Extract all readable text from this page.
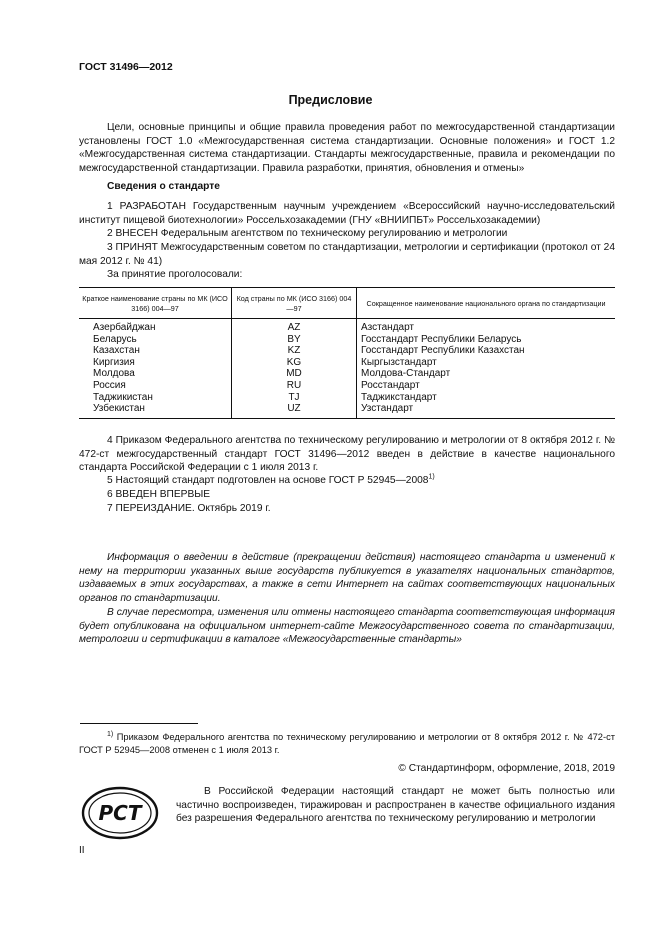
ГОСТ 31496—2012
Предисловие
Цели, основные принципы и общие правила проведения работ по межгосударственной стандартизации установлены ГОСТ 1.0 «Межгосударственная система стандартизации. Основные положения» и ГОСТ 1.2 «Межгосударственная система стандартизации. Стандарты межгосударственные, правила и рекомендации по межгосударственной стандартизации. Правила разработки, принятия, обновления и отмены»
Сведения о стандарте
1 РАЗРАБОТАН Государственным научным учреждением «Всероссийский научно-исследовательский институт пищевой биотехнологии» Россельхозакадемии (ГНУ «ВНИИПБТ» Россельхозакадемии)
2 ВНЕСЕН Федеральным агентством по техническому регулированию и метрологии
3 ПРИНЯТ Межгосударственным советом по стандартизации, метрологии и сертификации (протокол от 24 мая 2012 г. № 41)
За принятие проголосовали:
Краткое наименование страны по МК (ИСО 3166) 004—97	Код страны по МК (ИСО 3166) 004—97	Сокращенное наименование национального органа по стандартизации
Азербайджан	AZ	Азстандарт
Беларусь	BY	Госстандарт Республики Беларусь
Казахстан	KZ	Госстандарт Республики Казахстан
Киргизия	KG	Кыргызстандарт
Молдова	MD	Молдова-Стандарт
Россия	RU	Росстандарт
Таджикистан	TJ	Таджикстандарт
Узбекистан	UZ	Узстандарт
4 Приказом Федерального агентства по техническому регулированию и метрологии от 8 октября 2012 г. № 472-ст межгосударственный стандарт ГОСТ 31496—2012 введен в действие в качестве национального стандарта Российской Федерации с 1 июля 2013 г.
5 Настоящий стандарт подготовлен на основе ГОСТ Р 52945—2008$^{1)}$
6 ВВЕДЕН ВПЕРВЫЕ
7 ПЕРЕИЗДАНИЕ. Октябрь 2019 г.
Информация о введении в действие (прекращении действия) настоящего стандарта и изменений к нему на территории указанных выше государств публикуется в указателях национальных стандартов, издаваемых в этих государствах, а также в сети Интернет на сайтах соответствующих национальных органов по стандартизации.
В случае пересмотра, изменения или отмены настоящего стандарта соответствующая информация будет опубликована на официальном интернет-сайте Межгосударственного совета по стандартизации, метрологии и сертификации в каталоге «Межгосударственные стандарты»
$^{1)}$ Приказом Федерального агентства по техническому регулированию и метрологии от 8 октября 2012 г. № 472-ст ГОСТ Р 52945—2008 отменен с 1 июля 2013 г.
© Стандартинформ, оформление, 2018, 2019
РСТ
В Российской Федерации настоящий стандарт не может быть полностью или частично воспроизведен, тиражирован и распространен в качестве официального издания без разрешения Федерального агентства по техническому регулированию и метрологии
II
